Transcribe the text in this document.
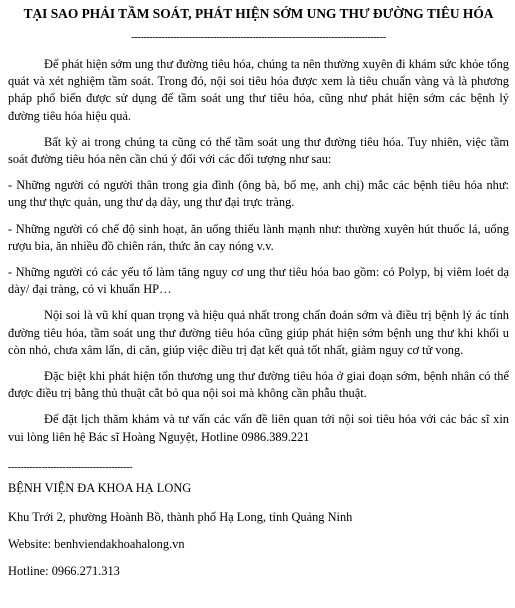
TẠI SAO PHẢI TẦM SOÁT, PHÁT HIỆN SỚM UNG THƯ ĐƯỜNG TIÊU HÓA
------------------------------------------------------------------------------------

Để phát hiện sớm ung thư đường tiêu hóa, chúng ta nên thường xuyên đi khám sức khỏe tổng quát và xét nghiệm tầm soát. Trong đó, nội soi tiêu hóa được xem là tiêu chuẩn vàng và là phương pháp phổ biến được sử dụng để tầm soát ung thư tiêu hóa, cũng như phát hiện sớm các bệnh lý đường tiêu hóa hiệu quả.

Bất kỳ ai trong chúng ta cũng có thể tầm soát ung thư đường tiêu hóa. Tuy nhiên, việc tầm soát đường tiêu hóa nên cần chú ý đối với các đối tượng như sau:

- Những người có người thân trong gia đình (ông bà, bố mẹ, anh chị) mắc các bệnh tiêu hóa như: ung thư thực quản, ung thư dạ dày, ung thư đại trực tràng.

- Những người có chế độ sinh hoạt, ăn uống thiếu lành mạnh như: thường xuyên hút thuốc lá, uống rượu bia, ăn nhiều đồ chiên rán, thức ăn cay nóng v.v.

- Những người có các yếu tố làm tăng nguy cơ ung thư tiêu hóa bao gồm: có Polyp, bị viêm loét dạ dày/ đại tràng, có vi khuẩn HP…

Nội soi là vũ khí quan trọng và hiệu quả nhất trong chẩn đoán sớm và điều trị bệnh lý ác tính đường tiêu hóa, tầm soát ung thư đường tiêu hóa cũng giúp phát hiện sớm bệnh ung thư khi khối u còn nhỏ, chưa xâm lấn, di căn, giúp việc điều trị đạt kết quả tốt nhất, giảm nguy cơ tử vong.

Đặc biệt khi phát hiện tổn thương ung thư đường tiêu hóa ở giai đoạn sớm, bệnh nhân có thể được điều trị bằng thủ thuật cắt bỏ qua nội soi mà không cần phẫu thuật.

Để đặt lịch thăm khám và tư vấn các vấn đề liên quan tới nội soi tiêu hóa với các bác sĩ xin vui lòng liên hệ Bác sĩ Hoàng Nguyệt, Hotline 0986.389.221

-----------------------------------------

BỆNH VIỆN ĐA KHOA HẠ LONG

Khu Trới 2, phường Hoành Bồ, thành phố Hạ Long, tỉnh Quảng Ninh

Website: benhviendakhoahalong.vn

Hotline: 0966.271.313
